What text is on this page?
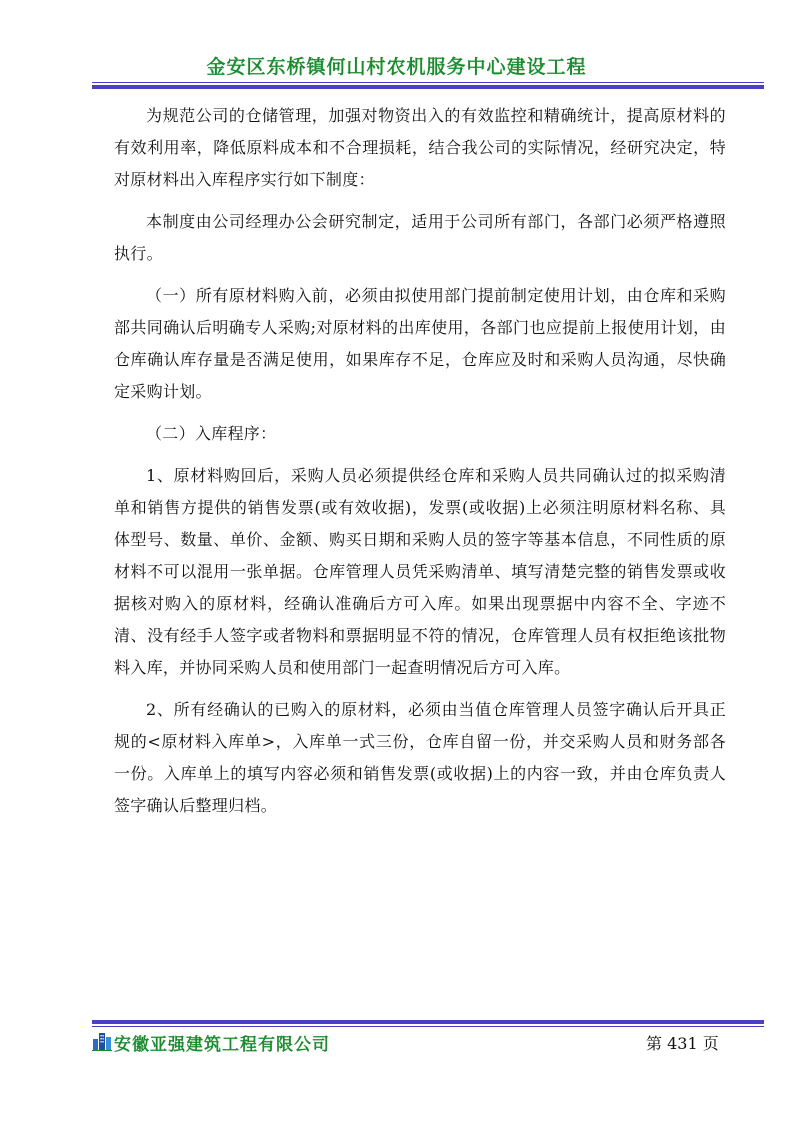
金安区东桥镇何山村农机服务中心建设工程

为规范公司的仓储管理，加强对物资出入的有效监控和精确统计，提高原材料的有效利用率，降低原料成本和不合理损耗，结合我公司的实际情况，经研究决定，特对原材料出入库程序实行如下制度：

本制度由公司经理办公会研究制定，适用于公司所有部门，各部门必须严格遵照执行。

（一）所有原材料购入前，必须由拟使用部门提前制定使用计划，由仓库和采购部共同确认后明确专人采购;对原材料的出库使用，各部门也应提前上报使用计划，由仓库确认库存量是否满足使用，如果库存不足，仓库应及时和采购人员沟通，尽快确定采购计划。

（二）入库程序：

1、原材料购回后，采购人员必须提供经仓库和采购人员共同确认过的拟采购清单和销售方提供的销售发票(或有效收据)，发票(或收据)上必须注明原材料名称、具体型号、数量、单价、金额、购买日期和采购人员的签字等基本信息，不同性质的原材料不可以混用一张单据。仓库管理人员凭采购清单、填写清楚完整的销售发票或收据核对购入的原材料，经确认准确后方可入库。如果出现票据中内容不全、字迹不清、没有经手人签字或者物料和票据明显不符的情况，仓库管理人员有权拒绝该批物料入库，并协同采购人员和使用部门一起查明情况后方可入库。

2、所有经确认的已购入的原材料，必须由当值仓库管理人员签字确认后开具正规的<原材料入库单>，入库单一式三份，仓库自留一份，并交采购人员和财务部各一份。入库单上的填写内容必须和销售发票(或收据)上的内容一致，并由仓库负责人签字确认后整理归档。

安徽亚强建筑工程有限公司	第 431 页
